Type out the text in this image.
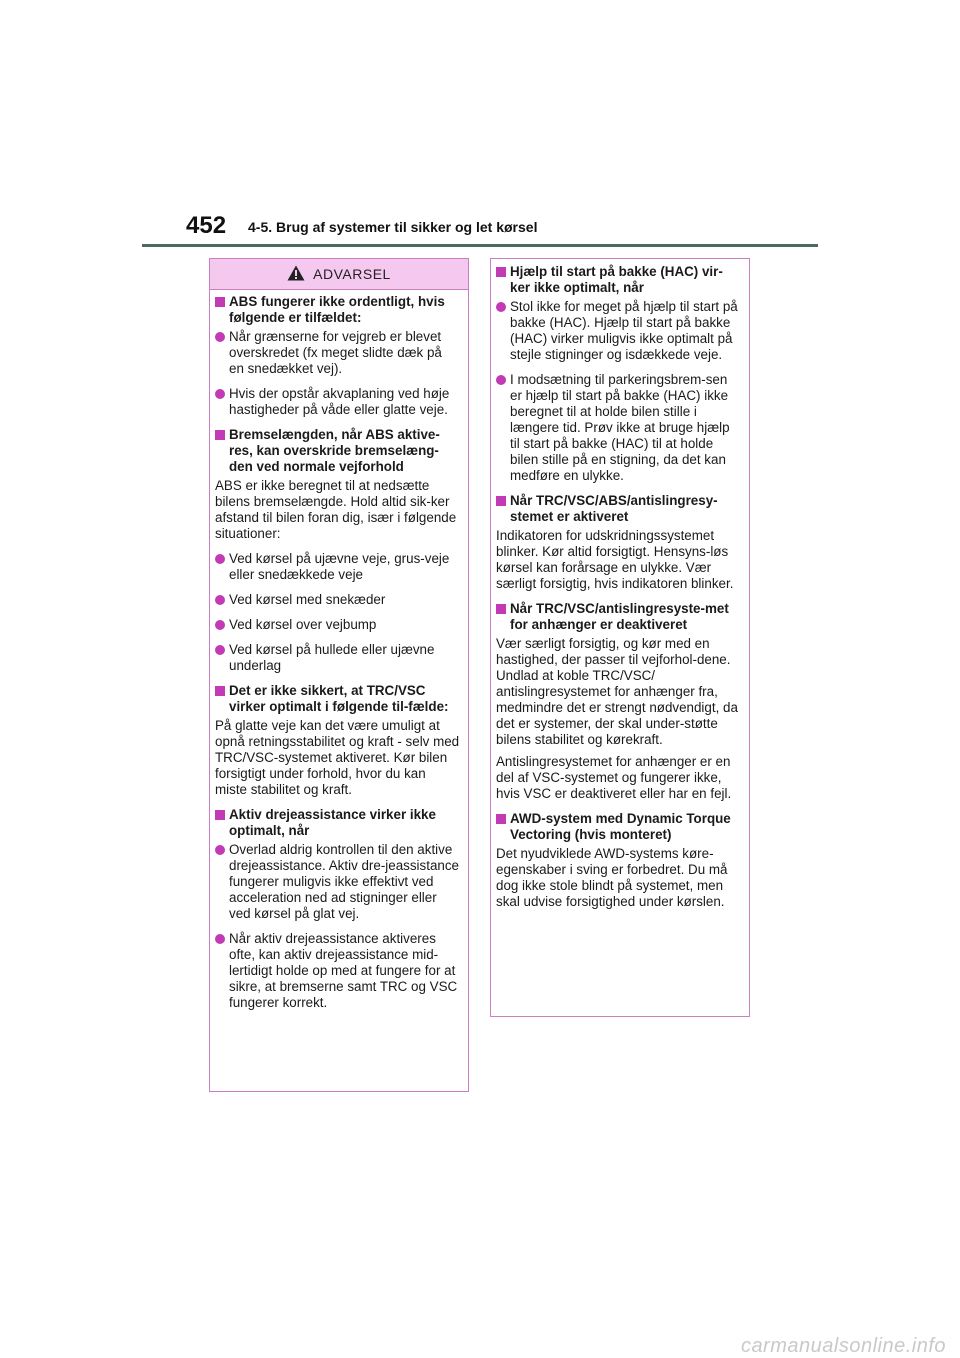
452 4-5. Brug af systemer til sikker og let kørsel
ADVARSEL
ABS fungerer ikke ordentligt, hvis følgende er tilfældet:
Når grænserne for vejgreb er blevet overskredet (fx meget slidte dæk på en snedækket vej).
Hvis der opstår akvaplaning ved høje hastigheder på våde eller glatte veje.
Bremselængden, når ABS aktive-res, kan overskride bremselæng-den ved normale vejforhold
ABS er ikke beregnet til at nedsætte bilens bremselængde. Hold altid sik-ker afstand til bilen foran dig, især i følgende situationer:
Ved kørsel på ujævne veje, grus-veje eller snedækkede veje
Ved kørsel med snekæder
Ved kørsel over vejbump
Ved kørsel på hullede eller ujævne underlag
Det er ikke sikkert, at TRC/VSC virker optimalt i følgende til-fælde:
På glatte veje kan det være umuligt at opnå retningsstabilitet og kraft - selv med TRC/VSC-systemet aktiveret. Kør bilen forsigtigt under forhold, hvor du kan miste stabilitet og kraft.
Aktiv drejeassistance virker ikke optimalt, når
Overlad aldrig kontrollen til den aktive drejeassistance. Aktiv dre-jeassistance fungerer muligvis ikke effektivt ved acceleration ned ad stigninger eller ved kørsel på glat vej.
Når aktiv drejeassistance aktiveres ofte, kan aktiv drejeassistance mid-lertidigt holde op med at fungere for at sikre, at bremserne samt TRC og VSC fungerer korrekt.
Hjælp til start på bakke (HAC) vir-ker ikke optimalt, når
Stol ikke for meget på hjælp til start på bakke (HAC). Hjælp til start på bakke (HAC) virker muligvis ikke optimalt på stejle stigninger og isdækkede veje.
I modsætning til parkeringsbrem-sen er hjælp til start på bakke (HAC) ikke beregnet til at holde bilen stille i længere tid. Prøv ikke at bruge hjælp til start på bakke (HAC) til at holde bilen stille på en stigning, da det kan medføre en ulykke.
Når TRC/VSC/ABS/antislingresy-stemet er aktiveret
Indikatoren for udskridningssystemet blinker. Kør altid forsigtigt. Hensyns-løs kørsel kan forårsage en ulykke. Vær særligt forsigtig, hvis indikatoren blinker.
Når TRC/VSC/antislingresyste-met for anhænger er deaktiveret
Vær særligt forsigtig, og kør med en hastighed, der passer til vejforhol-dene. Undlad at koble TRC/VSC/ antislingresystemet for anhænger fra, medmindre det er strengt nødvendigt, da det er systemer, der skal under-støtte bilens stabilitet og kørekraft.
Antislingresystemet for anhænger er en del af VSC-systemet og fungerer ikke, hvis VSC er deaktiveret eller har en fejl.
AWD-system med Dynamic Torque Vectoring (hvis monteret)
Det nyudviklede AWD-systems køre-egenskaber i sving er forbedret. Du må dog ikke stole blindt på systemet, men skal udvise forsigtighed under kørslen.
carmanualsonline.info
